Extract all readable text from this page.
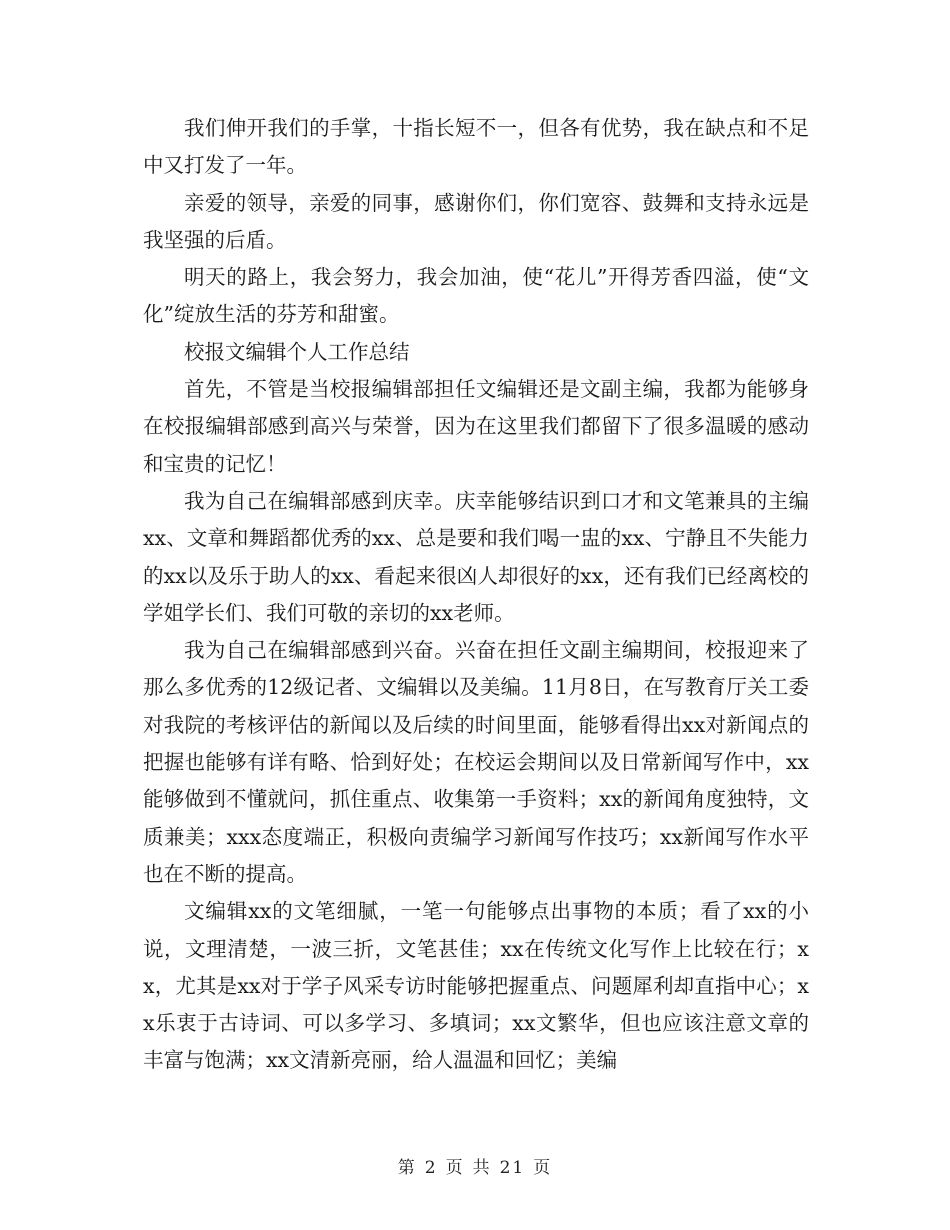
我们伸开我们的手掌，十指长短不一，但各有优势，我在缺点和不足中又打发了一年。

亲爱的领导，亲爱的同事，感谢你们，你们宽容、鼓舞和支持永远是我坚强的后盾。

明天的路上，我会努力，我会加油，使“花儿”开得芳香四溢，使“文化”绽放生活的芬芳和甜蜜。

校报文编辑个人工作总结

首先，不管是当校报编辑部担任文编辑还是文副主编，我都为能够身在校报编辑部感到高兴与荣誉，因为在这里我们都留下了很多温暖的感动和宝贵的记忆！

我为自己在编辑部感到庆幸。庆幸能够结识到口才和文笔兼具的主编xx、文章和舞蹈都优秀的xx、总是要和我们喝一盅的xx、宁静且不失能力的xx以及乐于助人的xx、看起来很凶人却很好的xx，还有我们已经离校的学姐学长们、我们可敬的亲切的xx老师。

我为自己在编辑部感到兴奋。兴奋在担任文副主编期间，校报迎来了那么多优秀的12级记者、文编辑以及美编。11月8日，在写教育厅关工委对我院的考核评估的新闻以及后续的时间里面，能够看得出xx对新闻点的把握也能够有详有略、恰到好处；在校运会期间以及日常新闻写作中，xx能够做到不懂就问，抓住重点、收集第一手资料；xx的新闻角度独特，文质兼美；xxx态度端正，积极向责编学习新闻写作技巧；xx新闻写作水平也在不断的提高。

文编辑xx的文笔细腻，一笔一句能够点出事物的本质；看了xx的小说，文理清楚，一波三折，文笔甚佳；xx在传统文化写作上比较在行；xx，尤其是xx对于学子风采专访时能够把握重点、问题犀利却直指中心；xx乐衷于古诗词、可以多学习、多填词；xx文繁华，但也应该注意文章的丰富与饱满；xx文清新亮丽，给人温温和回忆；美编

第 2 页 共 21 页
